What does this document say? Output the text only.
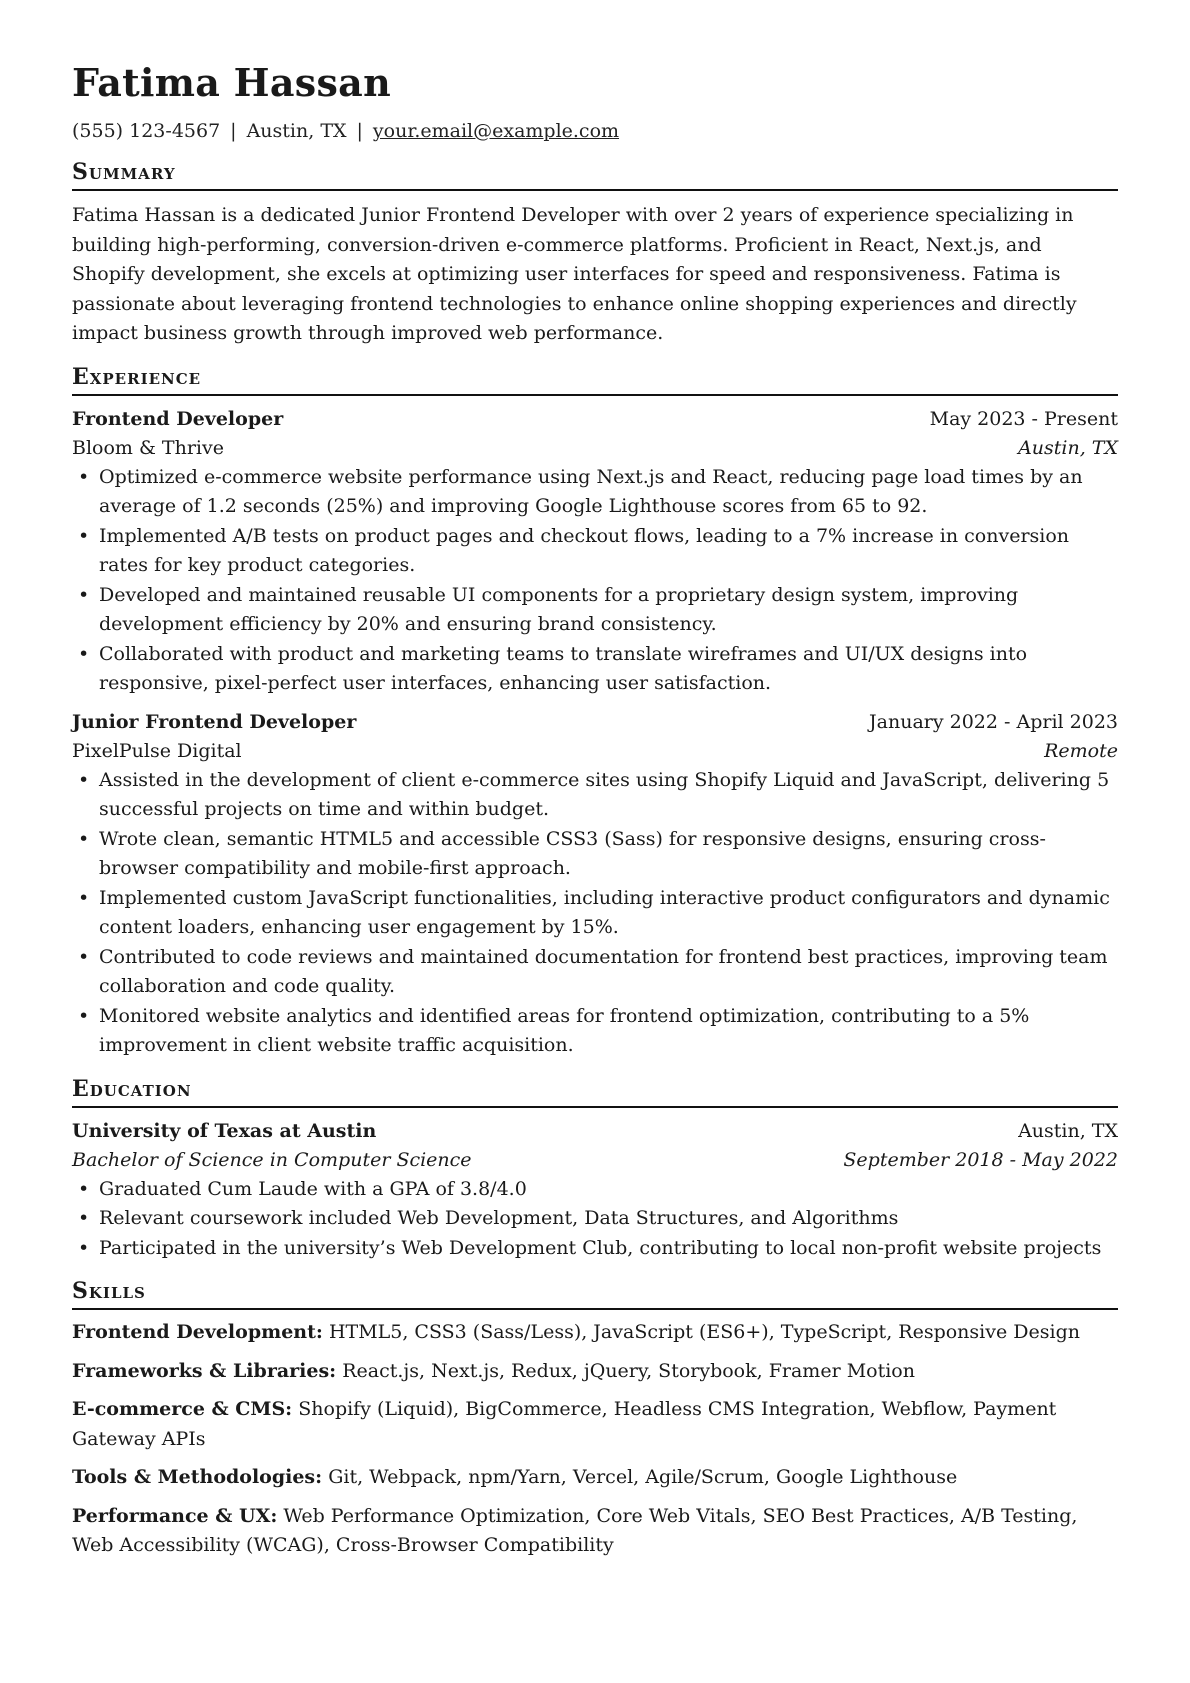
Fatima Hassan
(555) 123-4567 | Austin, TX | your.email@example.com
Summary

Fatima Hassan is a dedicated Junior Frontend Developer with over 2 years of experience specializing in building high-performing, conversion-driven e-commerce platforms. Proficient in React, Next.js, and Shopify development, she excels at optimizing user interfaces for speed and responsiveness. Fatima is passionate about leveraging frontend technologies to enhance online shopping experiences and directly impact business growth through improved web performance.

Experience
Frontend Developer	May 2023 - Present
Bloom & Thrive	Austin, TX
• Optimized e-commerce website performance using Next.js and React, reducing page load times by an average of 1.2 seconds (25%) and improving Google Lighthouse scores from 65 to 92.
• Implemented A/B tests on product pages and checkout flows, leading to a 7% increase in conversion rates for key product categories.
• Developed and maintained reusable UI components for a proprietary design system, improving development efficiency by 20% and ensuring brand consistency.
• Collaborated with product and marketing teams to translate wireframes and UI/UX designs into responsive, pixel-perfect user interfaces, enhancing user satisfaction.
Junior Frontend Developer	January 2022 - April 2023
PixelPulse Digital	Remote
• Assisted in the development of client e-commerce sites using Shopify Liquid and JavaScript, delivering 5 successful projects on time and within budget.
• Wrote clean, semantic HTML5 and accessible CSS3 (Sass) for responsive designs, ensuring cross-browser compatibility and mobile-first approach.
• Implemented custom JavaScript functionalities, including interactive product configurators and dynamic content loaders, enhancing user engagement by 15%.
• Contributed to code reviews and maintained documentation for frontend best practices, improving team collaboration and code quality.
• Monitored website analytics and identified areas for frontend optimization, contributing to a 5% improvement in client website traffic acquisition.
Education
University of Texas at Austin	Austin, TX
Bachelor of Science in Computer Science	September 2018 - May 2022
• Graduated Cum Laude with a GPA of 3.8/4.0
• Relevant coursework included Web Development, Data Structures, and Algorithms
• Participated in the university’s Web Development Club, contributing to local non-profit website projects
Skills
Frontend Development: HTML5, CSS3 (Sass/Less), JavaScript (ES6+), TypeScript, Responsive Design
Frameworks & Libraries: React.js, Next.js, Redux, jQuery, Storybook, Framer Motion
E-commerce & CMS: Shopify (Liquid), BigCommerce, Headless CMS Integration, Webflow, Payment Gateway APIs
Tools & Methodologies: Git, Webpack, npm/Yarn, Vercel, Agile/Scrum, Google Lighthouse
Performance & UX: Web Performance Optimization, Core Web Vitals, SEO Best Practices, A/B Testing, Web Accessibility (WCAG), Cross-Browser Compatibility
